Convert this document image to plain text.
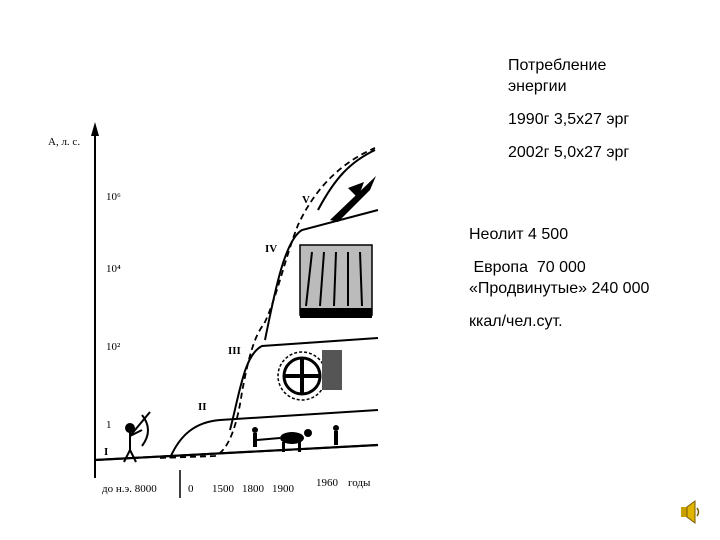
А, л. с.
10⁶
10⁴
10²
1
I
II
III
IV
V
до н.э. 8000	0 1500 1800 1900 1960 годы
Потребление
энергии
1990г 3,5х27 эрг
2002г 5,0х27 эрг
Неолит 4 500
Европа  70 000
«Продвинутые» 240 000
ккал/чел.сут.
